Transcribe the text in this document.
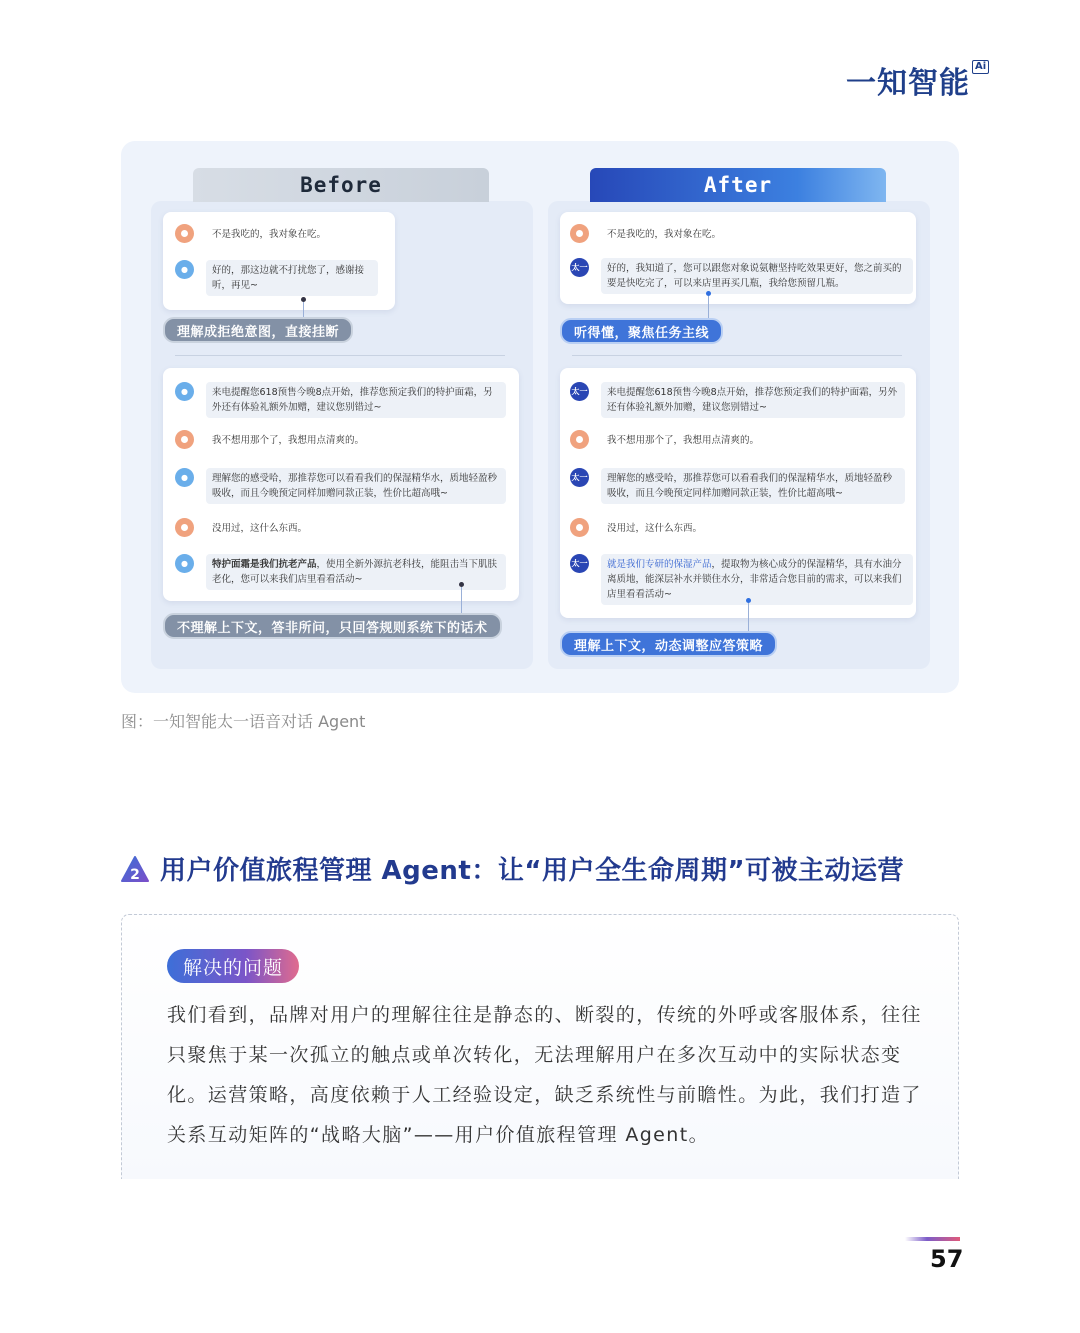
一知智能 Ai
Before
不是我吃的，我对象在吃。
●	好的，那这边就不打扰您了，感谢接听，再见~
理解成拒绝意图，直接挂断
●	来电提醒您618预售今晚8点开始，推荐您预定我们的特护面霜，另外还有体验礼额外加赠，建议您别错过~
我不想用那个了，我想用点清爽的。
●	理解您的感受哈，那推荐您可以看看我们的保湿精华水，质地轻盈秒吸收，而且今晚预定同样加赠同款正装，性价比超高哦~
没用过，这什么东西。
●	特护面霜是我们抗老产品，使用全新外源抗老科技，能阻击当下肌肤老化，您可以来我们店里看看活动~
不理解上下文，答非所问，只回答规则系统下的话术
After
不是我吃的，我对象在吃。
太一	好的，我知道了，您可以跟您对象说氨糖坚持吃效果更好，您之前买的要是快吃完了，可以来店里再买几瓶，我给您预留几瓶。
听得懂，聚焦任务主线
太一	来电提醒您618预售今晚8点开始，推荐您预定我们的特护面霜，另外还有体验礼额外加赠，建议您别错过~
我不想用那个了，我想用点清爽的。
太一	理解您的感受哈，那推荐您可以看看我们的保湿精华水，质地轻盈秒吸收，而且今晚预定同样加赠同款正装，性价比超高哦~
没用过，这什么东西。
太一	就是我们专研的保湿产品，提取物为核心成分的保湿精华，具有水油分离质地，能深层补水并锁住水分，非常适合您目前的需求，可以来我们店里看看活动~
理解上下文，动态调整应答策略
图：一知智能太一语音对话 Agent
2 用户价值旅程管理 Agent：让“用户全生命周期”可被主动运营
解决的问题
我们看到，品牌对用户的理解往往是静态的、断裂的，传统的外呼或客服体系，往往只聚焦于某一次孤立的触点或单次转化，无法理解用户在多次互动中的实际状态变化。运营策略，高度依赖于人工经验设定，缺乏系统性与前瞻性。为此，我们打造了关系互动矩阵的“战略大脑”——用户价值旅程管理 Agent。
57
